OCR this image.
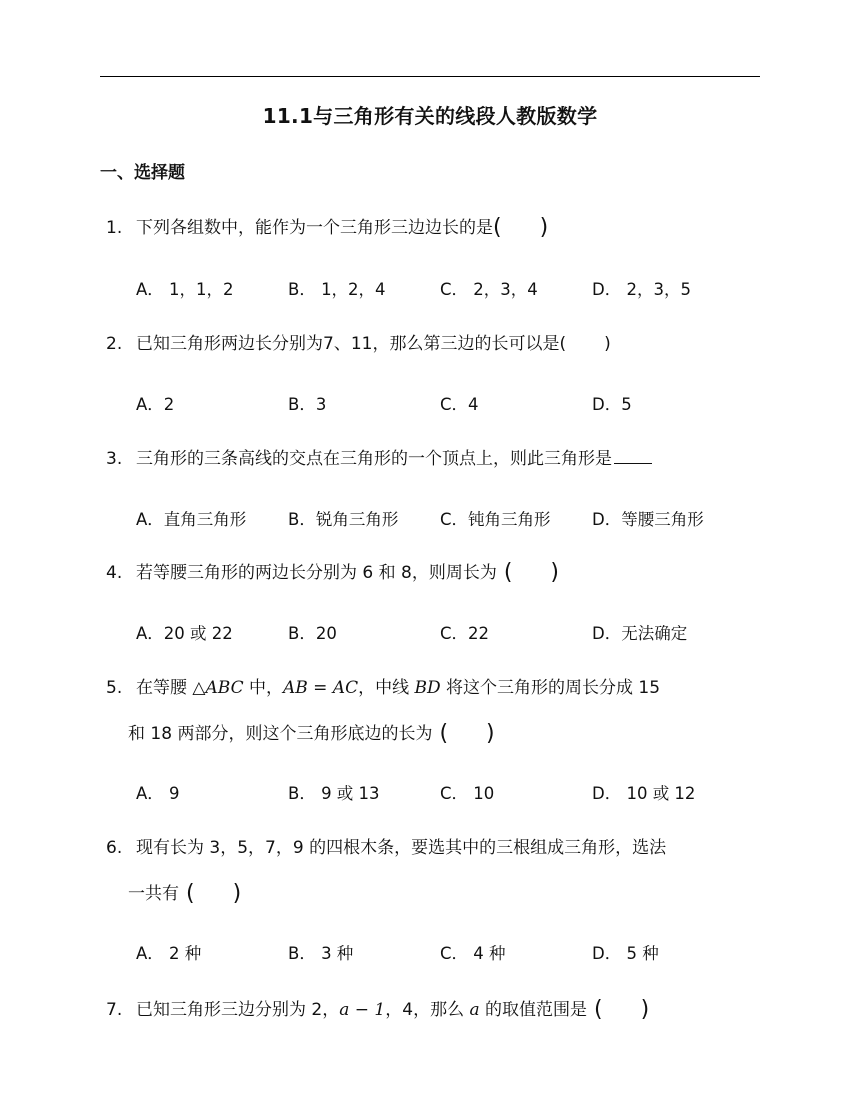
11.1与三角形有关的线段人教版数学
一、选择题
1. 下列各组数中，能作为一个三角形三边边长的是( )
A． 1，1，2	B． 1，2，4	C． 2，3，4	D． 2，3，5
2. 已知三角形两边长分别为7、11，那么第三边的长可以是( )
A．2	B．3	C．4	D．5
3. 三角形的三条高线的交点在三角形的一个顶点上，则此三角形是
A．直角三角形	B．锐角三角形	C．钝角三角形	D．等腰三角形
4. 若等腰三角形的两边长分别为 6 和 8，则周长为 ( )
A．20 或 22	B．20	C．22	D．无法确定
5. 在等腰 △ABC 中，AB = AC，中线 BD 将这个三角形的周长分成 15
和 18 两部分，则这个三角形底边的长为 ( )
A． 9	B． 9 或 13	C． 10	D． 10 或 12
6. 现有长为 3，5，7，9 的四根木条，要选其中的三根组成三角形，选法
一共有 ( )
A． 2 种	B． 3 种	C． 4 种	D． 5 种
7. 已知三角形三边分别为 2，a − 1，4，那么 a 的取值范围是 ( )
